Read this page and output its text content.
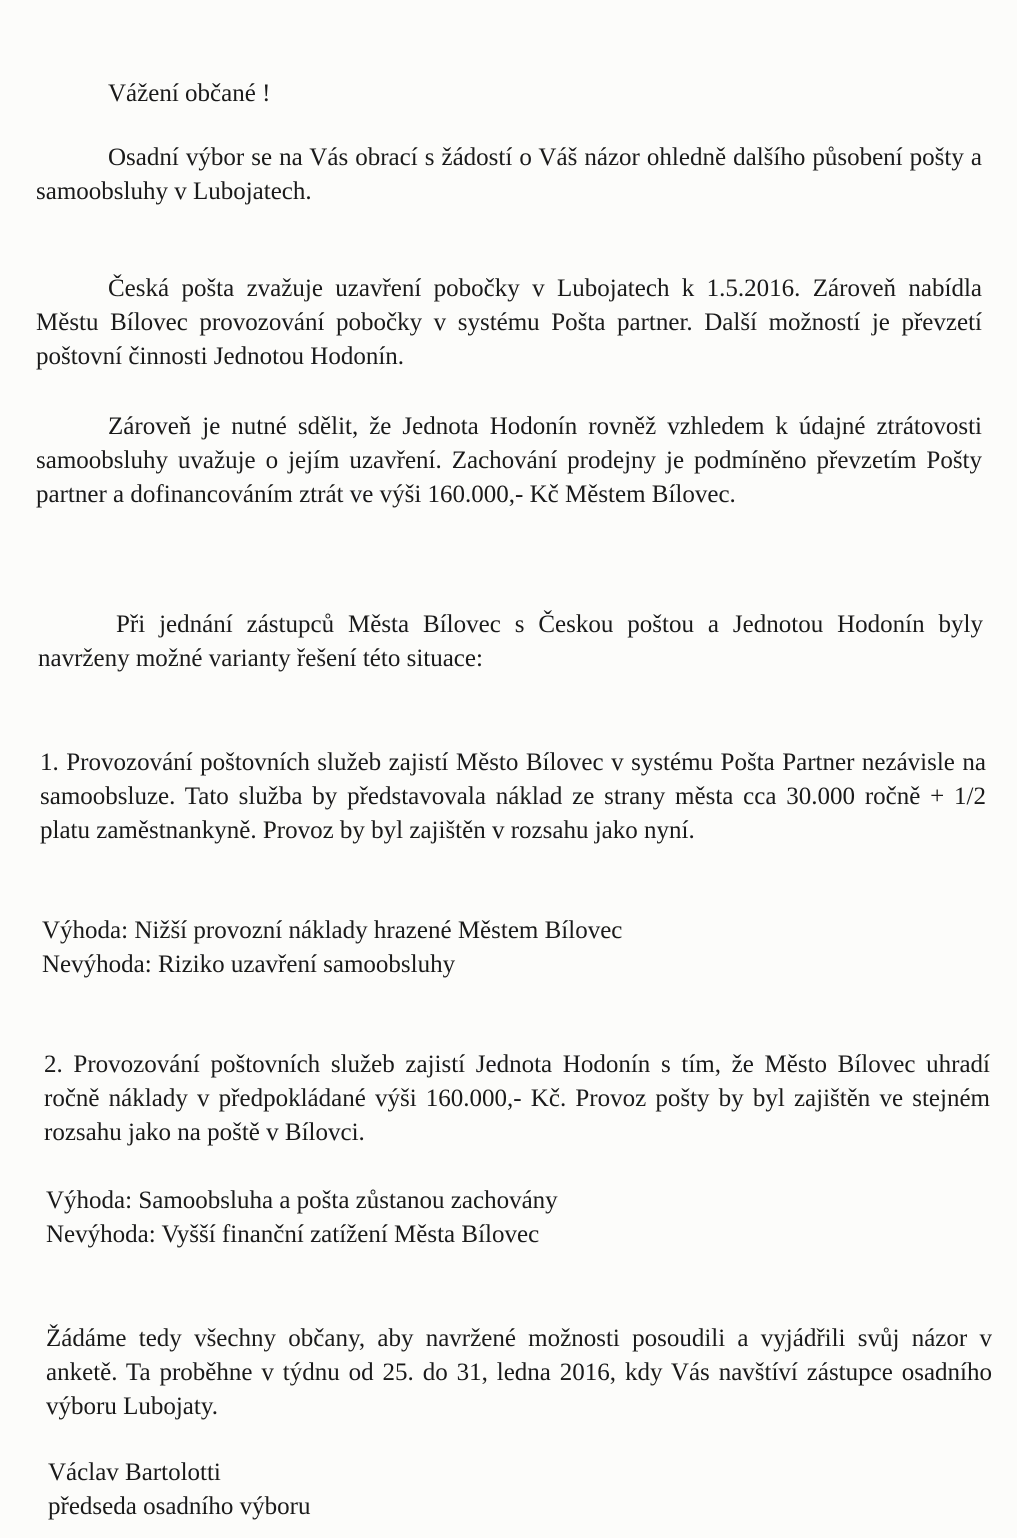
Vážení občané !

Osadní výbor se na Vás obrací s žádostí o Váš názor ohledně dalšího působení pošty a samoobsluhy v Lubojatech.

Česká pošta zvažuje uzavření pobočky v Lubojatech k 1.5.2016. Zároveň nabídla Městu Bílovec provozování pobočky v systému Pošta partner. Další možností je převzetí poštovní činnosti Jednotou Hodonín.

Zároveň je nutné sdělit, že Jednota Hodonín rovněž vzhledem k údajné ztrátovosti samoobsluhy uvažuje o jejím uzavření. Zachování prodejny je podmíněno převzetím Pošty partner a dofinancováním ztrát ve výši 160.000,- Kč Městem Bílovec.

Při jednání zástupců Města Bílovec s Českou poštou a Jednotou Hodonín byly navrženy možné varianty řešení této situace:

1. Provozování poštovních služeb zajistí Město Bílovec v systému Pošta Partner nezávisle na samoobsluze. Tato služba by představovala náklad ze strany města cca 30.000 ročně + 1/2 platu zaměstnankyně. Provoz by byl zajištěn v rozsahu jako nyní.

Výhoda: Nižší provozní náklady hrazené Městem Bílovec
Nevýhoda: Riziko uzavření samoobsluhy

2. Provozování poštovních služeb zajistí Jednota Hodonín s tím, že Město Bílovec uhradí ročně náklady v předpokládané výši 160.000,- Kč. Provoz pošty by byl zajištěn ve stejném rozsahu jako na poště v Bílovci.

Výhoda: Samoobsluha a pošta zůstanou zachovány
Nevýhoda: Vyšší finanční zatížení Města Bílovec

Žádáme tedy všechny občany, aby navržené možnosti posoudili a vyjádřili svůj názor v anketě. Ta proběhne v týdnu od 25. do 31, ledna 2016, kdy Vás navštíví zástupce osadního výboru Lubojaty.

Václav Bartolotti
předseda osadního výboru
